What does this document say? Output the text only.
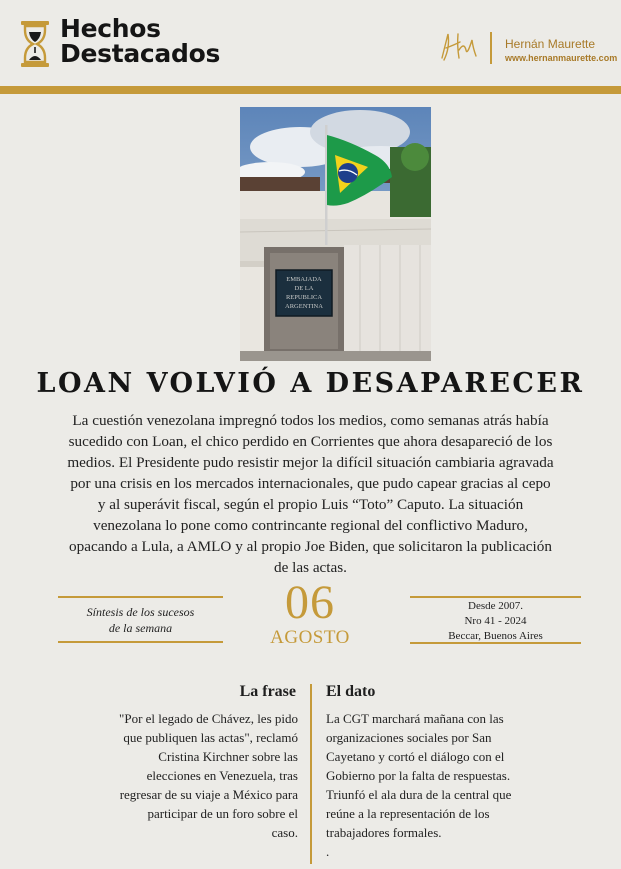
Hechos
Destacados	Hernán Maurette
www.hernanmaurette.com
EMBAJADA
DE LA
REPUBLICA
ARGENTINA
LOAN VOLVIÓ A DESAPARECER
La cuestión venezolana impregnó todos los medios, como semanas atrás había sucedido con Loan, el chico perdido en Corrientes que ahora desapareció de los medios. El Presidente pudo resistir mejor la difícil situación cambiaria agravada por una crisis en los mercados internacionales, que pudo capear gracias al cepo y al superávit fiscal, según el propio Luis “Toto” Caputo. La situación venezolana lo pone como contrincante regional del conflictivo Maduro, opacando a Lula, a AMLO y al propio Joe Biden, que solicitaron la publicación de las actas.
Síntesis de los sucesos
de la semana	06
AGOSTO
Desde 2007.
Nro 41 - 2024
Beccar, Buenos Aires
La frase
"Por el legado de Chávez, les pido que publiquen las actas", reclamó Cristina Kirchner sobre las elecciones en Venezuela, tras regresar de su viaje a México para participar de un foro sobre el caso.
El dato
La CGT marchará mañana con las organizaciones sociales por San Cayetano y cortó el diálogo con el Gobierno por la falta de respuestas. Triunfó el ala dura de la central que reúne a la representación de los trabajadores formales.
.
